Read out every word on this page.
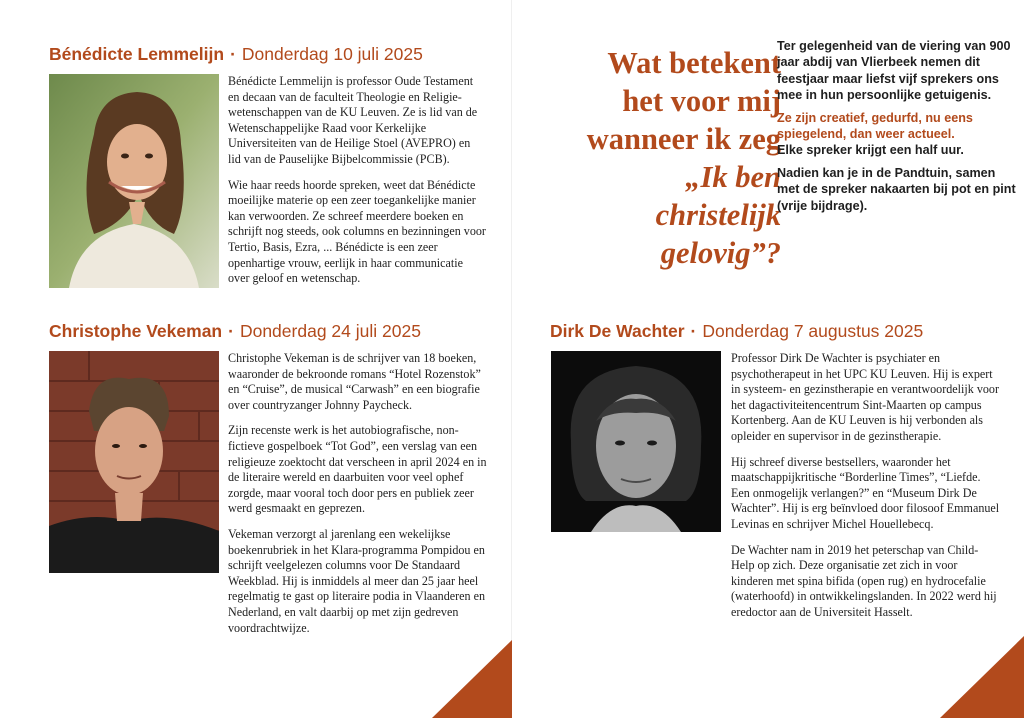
Bénédicte Lemmelijn · Donderdag 10 juli 2025

Bénédicte Lemmelijn is professor Oude Testament en decaan van de faculteit Theologie en Religie-wetenschappen van de KU Leuven. Ze is lid van de Wetenschappelijke Raad voor Kerkelijke Universiteiten van de Heilige Stoel (AVEPRO) en lid van de Pauselijke Bijbelcommissie (PCB).

Wie haar reeds hoorde spreken, weet dat Bénédicte moeilijke materie op een zeer toegankelijke manier kan verwoorden. Ze schreef meerdere boeken en schrijft nog steeds, ook columns en bezinningen voor Tertio, Basis, Ezra, ... Bénédicte is een zeer openhartige vrouw, eerlijk in haar communicatie over geloof en wetenschap.

Christophe Vekeman · Donderdag 24 juli 2025

Christophe Vekeman is de schrijver van 18 boeken, waaronder de bekroonde romans “Hotel Rozenstok” en “Cruise”, de musical “Carwash” en een biografie over countryzanger Johnny Paycheck.

Zijn recenste werk is het autobiografische, non-fictieve gospelboek “Tot God”, een verslag van een religieuze zoektocht dat verscheen in april 2024 en in de literaire wereld en daarbuiten voor veel ophef zorgde, maar vooral toch door pers en publiek zeer werd gesmaakt en geprezen.

Vekeman verzorgt al jarenlang een wekelijkse boekenrubriek in het Klara-programma Pompidou en schrijft veelgelezen columns voor De Standaard Weekblad. Hij is inmiddels al meer dan 25 jaar heel regelmatig te gast op literaire podia in Vlaanderen en Nederland, en valt daarbij op met zijn gedreven voordrachtwijze.

Wat betekent
het voor mij
wanneer ik zeg
„Ik ben christelijk
gelovig”?

Ter gelegenheid van de viering van 900 jaar abdij van Vlierbeek nemen dit feestjaar maar liefst vijf sprekers ons mee in hun persoonlijke getuigenis.

Ze zijn creatief, gedurfd, nu eens spiegelend, dan weer actueel.

Elke spreker krijgt een half uur.

Nadien kan je in de Pandtuin, samen met de spreker nakaarten bij pot en pint (vrije bijdrage).

Dirk De Wachter · Donderdag 7 augustus 2025

Professor Dirk De Wachter is psychiater en psychotherapeut in het UPC KU Leuven. Hij is expert in systeem- en gezinstherapie en verantwoordelijk voor het dagactiviteitencentrum Sint-Maarten op campus Kortenberg. Aan de KU Leuven is hij verbonden als opleider en supervisor in de gezinstherapie.

Hij schreef diverse bestsellers, waaronder het maatschappijkritische “Borderline Times”, “Liefde. Een onmogelijk verlangen?” en “Museum Dirk De Wachter”. Hij is erg beïnvloed door filosoof Emmanuel Levinas en schrijver Michel Houellebecq.

De Wachter nam in 2019 het peterschap van Child-Help op zich. Deze organisatie zet zich in voor kinderen met spina bifida (open rug) en hydrocefalie (waterhoofd) in ontwikkelingslanden. In 2022 werd hij eredoctor aan de Universiteit Hasselt.
